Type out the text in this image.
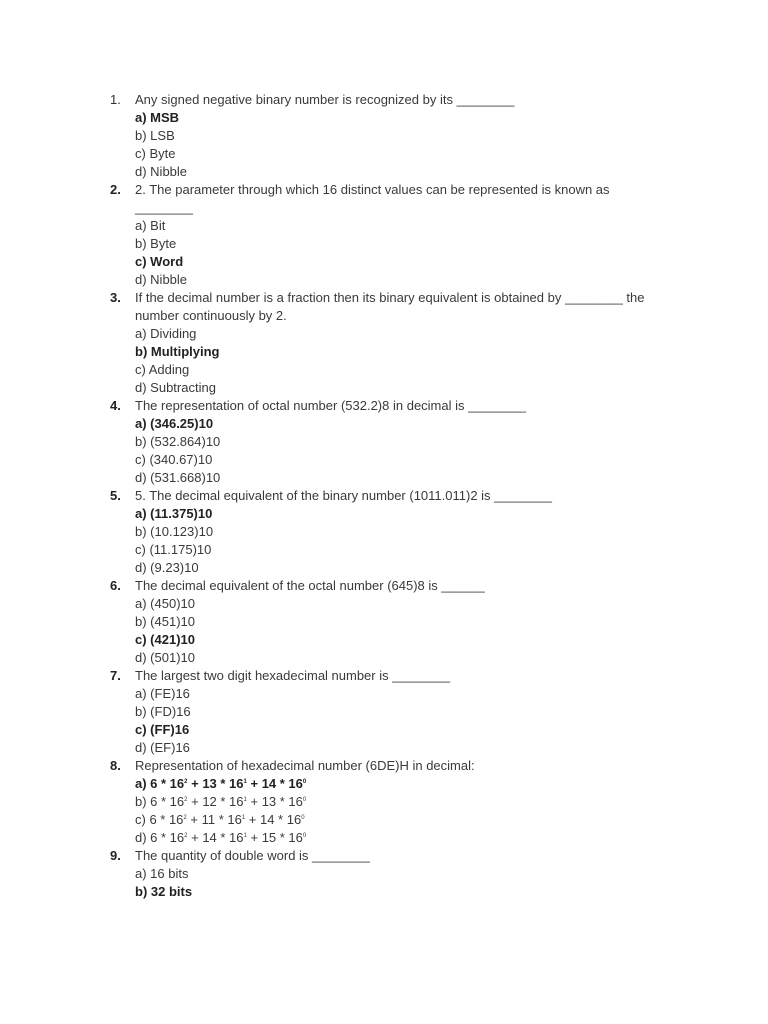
1.	Any signed negative binary number is recognized by its ________
a) MSB
b) LSB
c) Byte
d) Nibble
2.	2. The parameter through which 16 distinct values can be represented is known as ________
a) Bit
b) Byte
c) Word
d) Nibble
3.	If the decimal number is a fraction then its binary equivalent is obtained by ________ the number continuously by 2.
a) Dividing
b) Multiplying
c) Adding
d) Subtracting
4.	The representation of octal number (532.2)8 in decimal is ________
a) (346.25)10
b) (532.864)10
c) (340.67)10
d) (531.668)10
5.	5. The decimal equivalent of the binary number (1011.011)2 is ________
a) (11.375)10
b) (10.123)10
c) (11.175)10
d) (9.23)10
6.	The decimal equivalent of the octal number (645)8 is ______
a) (450)10
b) (451)10
c) (421)10
d) (501)10
7.	The largest two digit hexadecimal number is ________
a) (FE)16
b) (FD)16
c) (FF)16
d) (EF)16
8.	Representation of hexadecimal number (6DE)H in decimal:
a) $6 * 16^2 + 13 * 16^1 + 14 * 16^0$
b) $6 * 16^2 + 12 * 16^1 + 13 * 16^0$
c) $6 * 16^2 + 11 * 16^1 + 14 * 16^0$
d) $6 * 16^2 + 14 * 16^1 + 15 * 16^0$
9.	The quantity of double word is ________
a) 16 bits
b) 32 bits
